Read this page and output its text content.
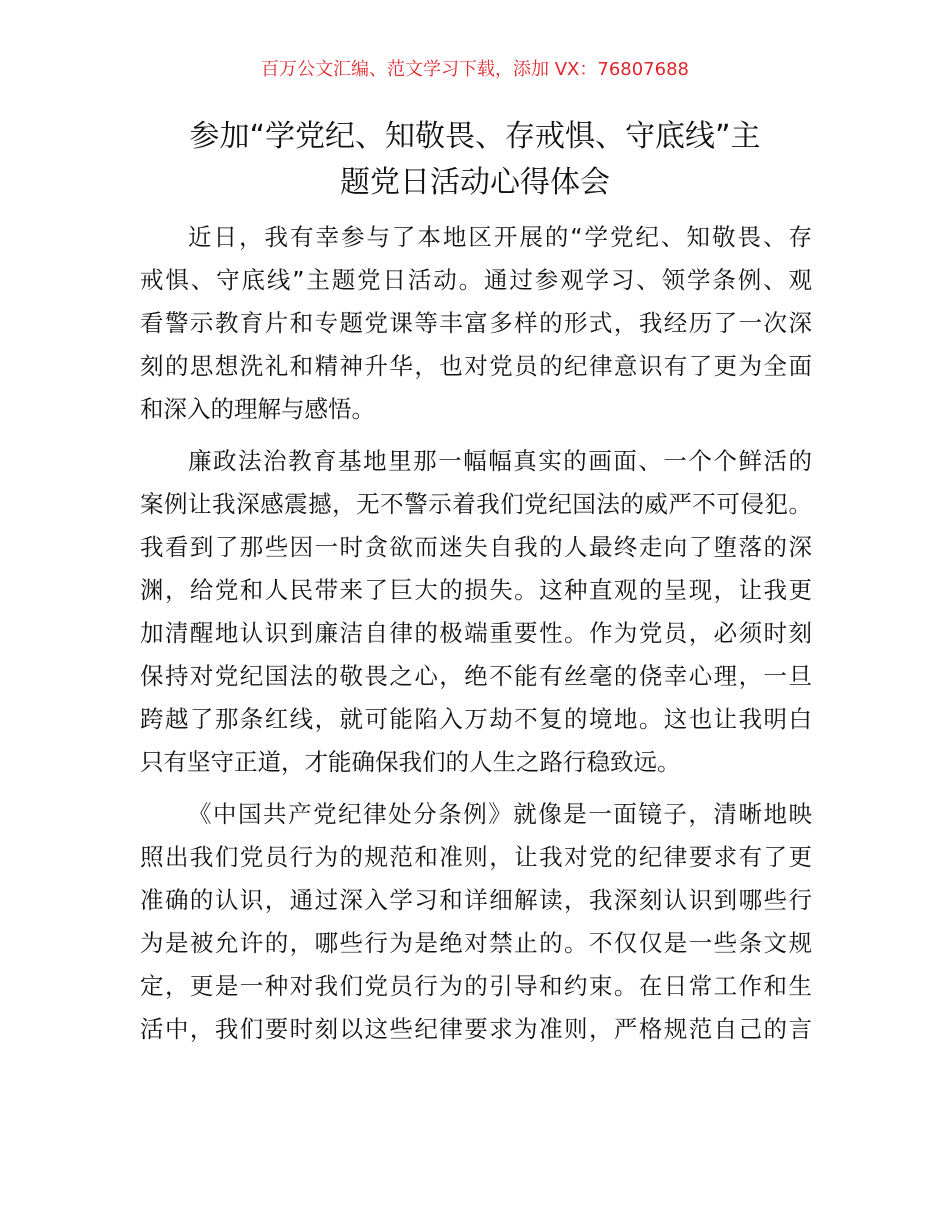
百万公文汇编、范文学习下载，添加 VX：76807688
参加“学党纪、知敬畏、存戒惧、守底线”主
题党日活动心得体会
近日，我有幸参与了本地区开展的“学党纪、知敬畏、存
戒惧、守底线”主题党日活动。通过参观学习、领学条例、观
看警示教育片和专题党课等丰富多样的形式，我经历了一次深
刻的思想洗礼和精神升华，也对党员的纪律意识有了更为全面
和深入的理解与感悟。
廉政法治教育基地里那一幅幅真实的画面、一个个鲜活的
案例让我深感震撼，无不警示着我们党纪国法的威严不可侵犯。
我看到了那些因一时贪欲而迷失自我的人最终走向了堕落的深
渊，给党和人民带来了巨大的损失。这种直观的呈现，让我更
加清醒地认识到廉洁自律的极端重要性。作为党员，必须时刻
保持对党纪国法的敬畏之心，绝不能有丝毫的侥幸心理，一旦
跨越了那条红线，就可能陷入万劫不复的境地。这也让我明白
只有坚守正道，才能确保我们的人生之路行稳致远。
《中国共产党纪律处分条例》就像是一面镜子，清晰地映
照出我们党员行为的规范和准则，让我对党的纪律要求有了更
准确的认识，通过深入学习和详细解读，我深刻认识到哪些行
为是被允许的，哪些行为是绝对禁止的。不仅仅是一些条文规
定，更是一种对我们党员行为的引导和约束。在日常工作和生
活中，我们要时刻以这些纪律要求为准则，严格规范自己的言
